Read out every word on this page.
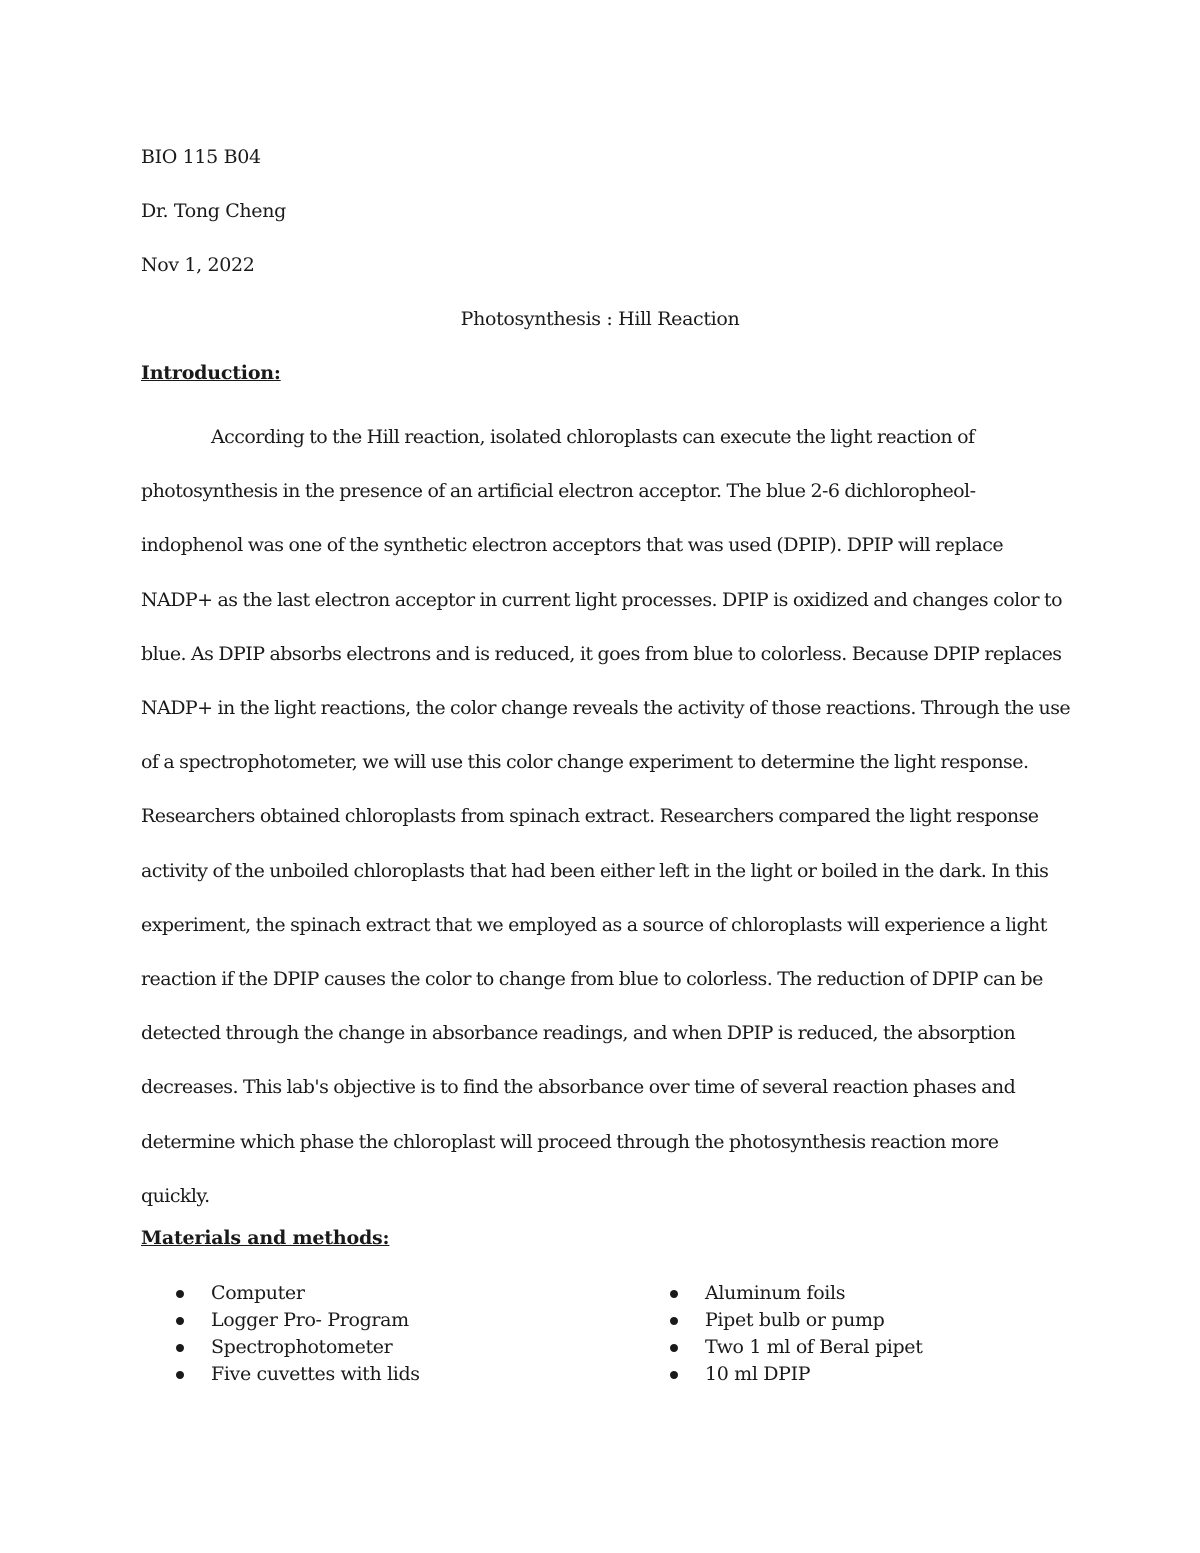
BIO 115 B04
Dr. Tong Cheng
Nov 1, 2022
Photosynthesis : Hill Reaction
Introduction:

According to the Hill reaction, isolated chloroplasts can execute the light reaction of photosynthesis in the presence of an artificial electron acceptor. The blue 2-6 dichloropheol-indophenol was one of the synthetic electron acceptors that was used (DPIP). DPIP will replace NADP+ as the last electron acceptor in current light processes. DPIP is oxidized and changes color to blue. As DPIP absorbs electrons and is reduced, it goes from blue to colorless. Because DPIP replaces NADP+ in the light reactions, the color change reveals the activity of those reactions. Through the use of a spectrophotometer, we will use this color change experiment to determine the light response. Researchers obtained chloroplasts from spinach extract. Researchers compared the light response activity of the unboiled chloroplasts that had been either left in the light or boiled in the dark. In this experiment, the spinach extract that we employed as a source of chloroplasts will experience a light reaction if the DPIP causes the color to change from blue to colorless. The reduction of DPIP can be detected through the change in absorbance readings, and when DPIP is reduced, the absorption decreases. This lab's objective is to find the absorbance over time of several reaction phases and determine which phase the chloroplast will proceed through the photosynthesis reaction more quickly.

Materials and methods:
Computer
Logger Pro- Program
Spectrophotometer
Five cuvettes with lids
Aluminum foils
Pipet bulb or pump
Two 1 ml of Beral pipet
10 ml DPIP
